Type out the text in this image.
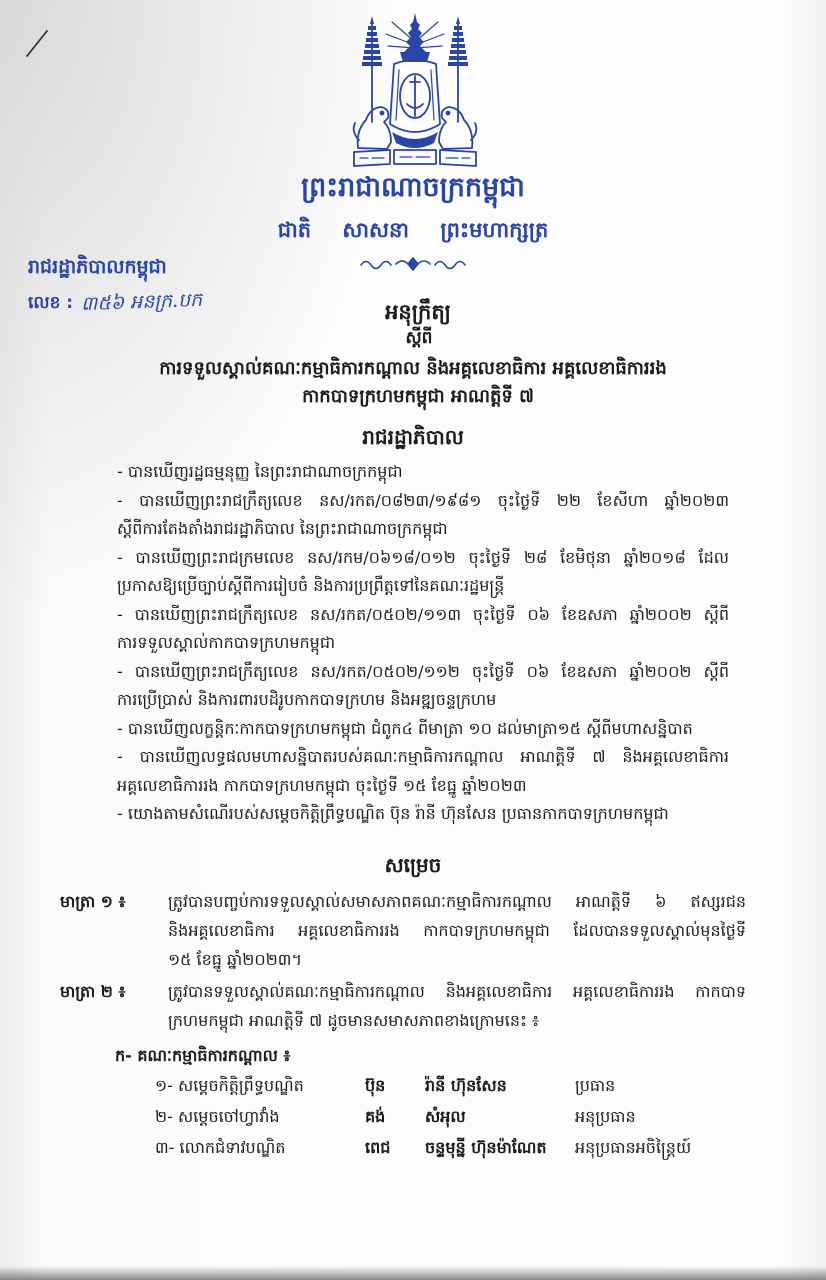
ព្រះរាជាណាចក្រកម្ពុជា
ជាតិ សាសនា ព្រះមហាក្សត្រ
រាជរដ្ឋាភិបាលកម្ពុជា
លេខ : ៣៥៦ អនក្រ.បក	អនុក្រឹត្យ
ស្តីពី
ការទទួលស្គាល់គណៈកម្មាធិការកណ្តាល និងអគ្គលេខាធិការ អគ្គលេខាធិការរង
កាកបាទក្រហមកម្ពុជា អាណត្តិទី ៧
រាជរដ្ឋាភិបាល
- បានឃើញរដ្ឋធម្មនុញ្ញ នៃព្រះរាជាណាចក្រកម្ពុជា
- បានឃើញព្រះរាជក្រឹត្យលេខ នស/រកត/០៨២៣/១៩៨១ ចុះថ្ងៃទី ២២ ខែសីហា ឆ្នាំ២០២៣
ស្តីពីការតែងតាំងរាជរដ្ឋាភិបាល នៃព្រះរាជាណាចក្រកម្ពុជា
- បានឃើញព្រះរាជក្រមលេខ នស/រកម/០៦១៨/០១២ ចុះថ្ងៃទី ២៨ ខែមិថុនា ឆ្នាំ២០១៨ ដែល
ប្រកាសឱ្យប្រើច្បាប់ស្តីពីការរៀបចំ និងការប្រព្រឹត្តទៅនៃគណៈរដ្ឋមន្ត្រី
- បានឃើញព្រះរាជក្រឹត្យលេខ នស/រកត/០៥០២/១១៣ ចុះថ្ងៃទី ០៦ ខែឧសភា ឆ្នាំ២០០២ ស្តីពី
ការទទួលស្គាល់កាកបាទក្រហមកម្ពុជា
- បានឃើញព្រះរាជក្រឹត្យលេខ នស/រកត/០៥០២/១១២ ចុះថ្ងៃទី ០៦ ខែឧសភា ឆ្នាំ២០០២ ស្តីពី
ការប្រើប្រាស់ និងការពារបដិរូបកាកបាទក្រហម និងអឌ្ឍចន្ទក្រហម
- បានឃើញលក្ខន្តិកៈកាកបាទក្រហមកម្ពុជា ជំពូក៤ ពីមាត្រា ១០ ដល់មាត្រា១៥ ស្តីពីមហាសន្និបាត
- បានឃើញលទ្ធផលមហាសន្និបាតរបស់គណៈកម្មាធិការកណ្តាល អាណត្តិទី ៧ និងអគ្គលេខាធិការ
អគ្គលេខាធិការរង កាកបាទក្រហមកម្ពុជា ចុះថ្ងៃទី ១៥ ខែធ្នូ ឆ្នាំ២០២៣
- យោងតាមសំណើរបស់សម្តេចកិត្តិព្រឹទ្ធបណ្ឌិត ប៊ុន រ៉ានី ហ៊ុនសែន ប្រធានកាកបាទក្រហមកម្ពុជា
សម្រេច
មាត្រា ១ ៖	ត្រូវបានបញ្ចប់ការទទួលស្គាល់សមាសភាពគណៈកម្មាធិការកណ្តាល អាណត្តិទី ៦ ឥស្សរជន
និងអគ្គលេខាធិការ អគ្គលេខាធិការរង កាកបាទក្រហមកម្ពុជា ដែលបានទទួលស្គាល់មុនថ្ងៃទី
១៥ ខែធ្នូ ឆ្នាំ២០២៣។
មាត្រា ២ ៖	ត្រូវបានទទួលស្គាល់គណៈកម្មាធិការកណ្តាល និងអគ្គលេខាធិការ អគ្គលេខាធិការរង កាកបាទ
ក្រហមកម្ពុជា អាណត្តិទី ៧ ដូចមានសមាសភាពខាងក្រោមនេះ ៖
ក- គណៈកម្មាធិការកណ្តាល ៖
១- សម្តេចកិត្តិព្រឹទ្ធបណ្ឌិត	ប៊ុន	រ៉ានី ហ៊ុនសែន	ប្រធាន
២- សម្តេចចៅហ្វាវាំង	គង់	សំអុល	អនុប្រធាន
៣- លោកជំទាវបណ្ឌិត	ពេជ	ចន្ទមុន្នី ហ៊ុនម៉ាណែត	អនុប្រធានអចិន្ត្រៃយ៍
